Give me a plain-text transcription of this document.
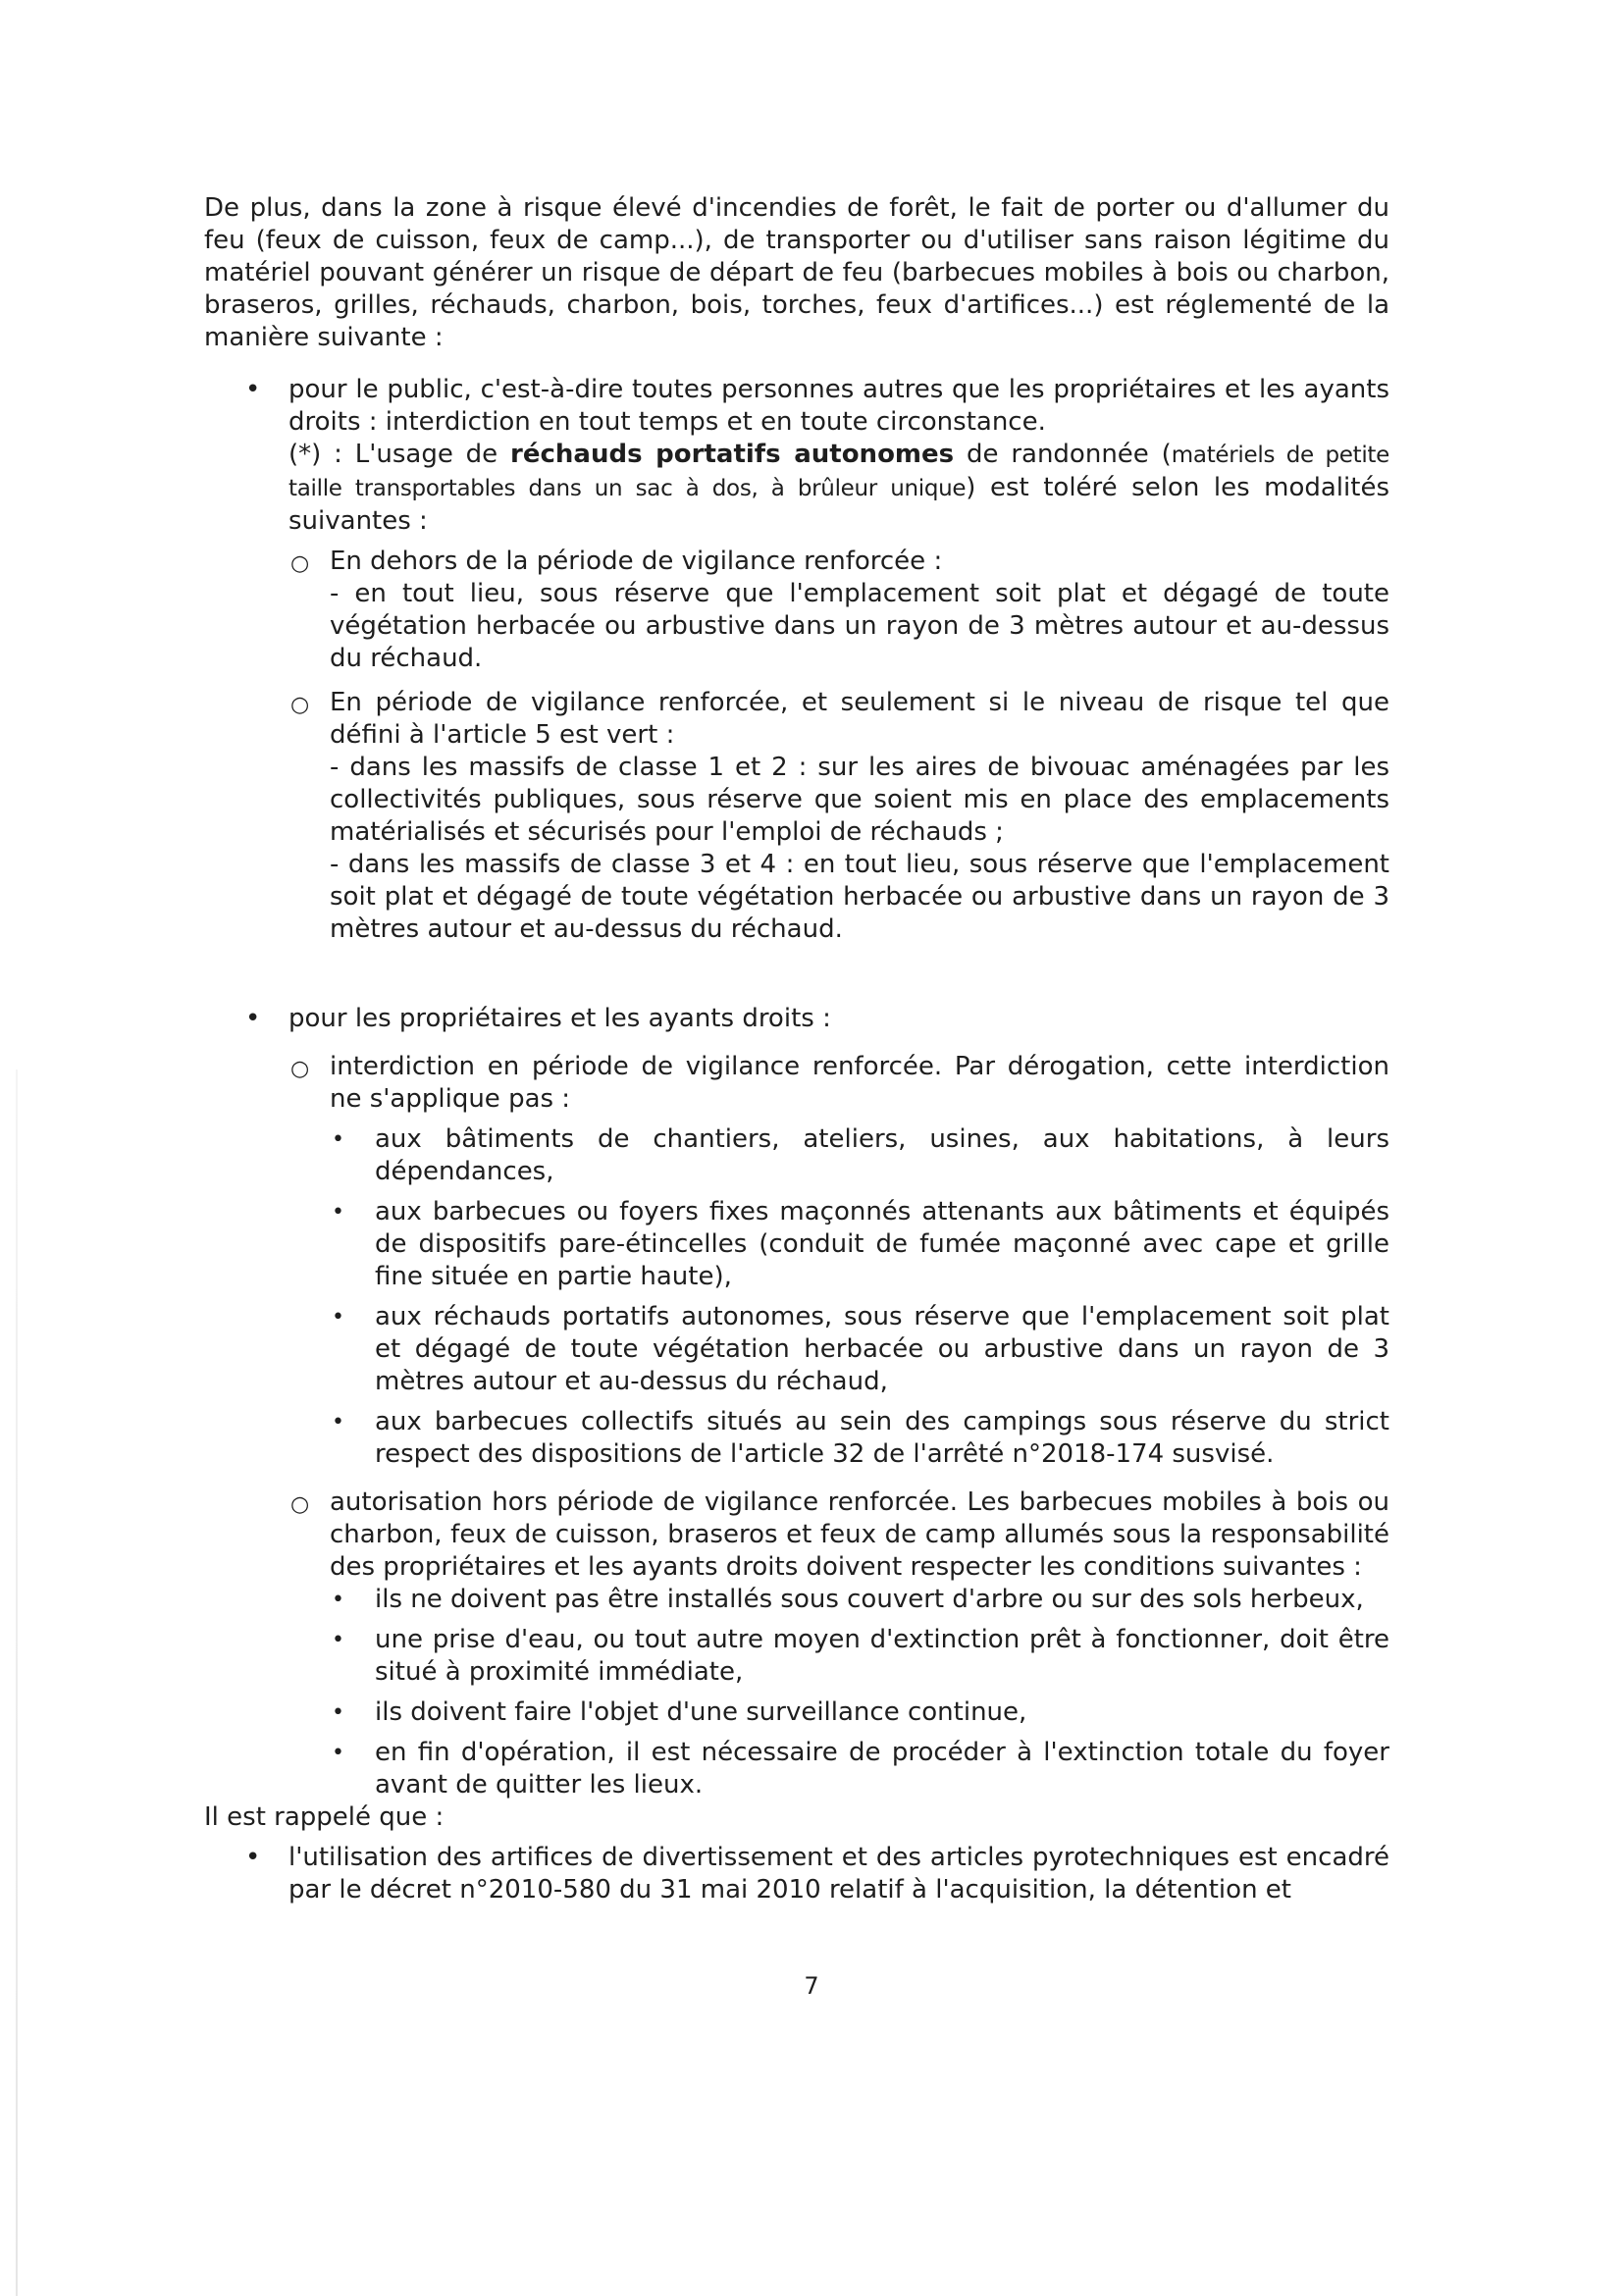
De plus, dans la zone à risque élevé d'incendies de forêt, le fait de porter ou d'allumer du feu (feux de cuisson, feux de camp...), de transporter ou d'utiliser sans raison légitime du matériel pouvant générer un risque de départ de feu (barbecues mobiles à bois ou charbon, braseros, grilles, réchauds, charbon, bois, torches, feux d'artifices...) est réglementé de la manière suivante :

• pour le public, c'est-à-dire toutes personnes autres que les propriétaires et les ayants droits : interdiction en tout temps et en toute circonstance.

(*) : L'usage de réchauds portatifs autonomes de randonnée (matériels de petite taille transportables dans un sac à dos, à brûleur unique) est toléré selon les modalités suivantes :

○ En dehors de la période de vigilance renforcée :

- en tout lieu, sous réserve que l'emplacement soit plat et dégagé de toute végétation herbacée ou arbustive dans un rayon de 3 mètres autour et au-dessus du réchaud.

○ En période de vigilance renforcée, et seulement si le niveau de risque tel que défini à l'article 5 est vert :

- dans les massifs de classe 1 et 2 : sur les aires de bivouac aménagées par les collectivités publiques, sous réserve que soient mis en place des emplacements matérialisés et sécurisés pour l'emploi de réchauds ;

- dans les massifs de classe 3 et 4 : en tout lieu, sous réserve que l'emplacement soit plat et dégagé de toute végétation herbacée ou arbustive dans un rayon de 3 mètres autour et au-dessus du réchaud.

• pour les propriétaires et les ayants droits :
○ interdiction en période de vigilance renforcée. Par dérogation, cette interdiction ne s'applique pas :
• aux bâtiments de chantiers, ateliers, usines, aux habitations, à leurs dépendances,
• aux barbecues ou foyers fixes maçonnés attenants aux bâtiments et équipés de dispositifs pare-étincelles (conduit de fumée maçonné avec cape et grille fine située en partie haute),
• aux réchauds portatifs autonomes, sous réserve que l'emplacement soit plat et dégagé de toute végétation herbacée ou arbustive dans un rayon de 3 mètres autour et au-dessus du réchaud,
• aux barbecues collectifs situés au sein des campings sous réserve du strict respect des dispositions de l'article 32 de l'arrêté n°2018-174 susvisé.
○ autorisation hors période de vigilance renforcée. Les barbecues mobiles à bois ou charbon, feux de cuisson, braseros et feux de camp allumés sous la responsabilité des propriétaires et les ayants droits doivent respecter les conditions suivantes :
• ils ne doivent pas être installés sous couvert d'arbre ou sur des sols herbeux,
• une prise d'eau, ou tout autre moyen d'extinction prêt à fonctionner, doit être situé à proximité immédiate,
• ils doivent faire l'objet d'une surveillance continue,
• en fin d'opération, il est nécessaire de procéder à l'extinction totale du foyer avant de quitter les lieux.

Il est rappelé que :

• l'utilisation des artifices de divertissement et des articles pyrotechniques est encadré par le décret n°2010-580 du 31 mai 2010 relatif à l'acquisition, la détention et
7
